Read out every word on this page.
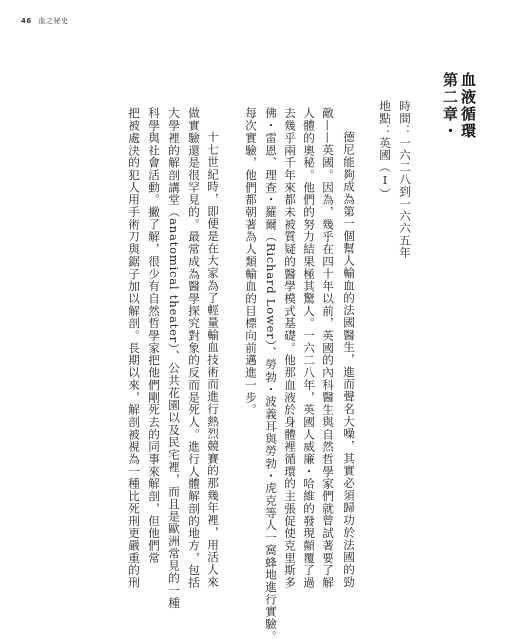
46 血之祕史
第二章・ 血液循環
時間：一六二八到一六六五年
地點：英國（Ⅰ）
德尼能夠成為第一個幫人輸血的法國醫生，進而聲名大噪，其實必須歸功於法國的勁
敵——英國。因為，幾乎在四十年以前，英國的內科醫生與自然哲學家們就曾試著要了解
人體的奧秘。他們的努力結果極其驚人。一六二八年，英國人威廉・哈維的發現顛覆了過
去幾乎兩千年來都未被質疑的醫學模式基礎。他那血液於身體裡循環的主張促使克里斯多
佛・雷恩、理查・羅爾（Richard Lower）、勞勃・波義耳與勞勃・虎克等人一窩蜂地進行實驗。
每次實驗，他們都朝著為人類輸血的目標向前邁進一步。
十七世紀時，即便是在大家為了輕量輸血技術而進行熱烈競賽的那幾年裡，用活人來
做實驗還是很罕見的。最常成為醫學探究對象的反而是死人。進行人體解剖的地方，包括
大學裡的解剖講堂（anatomical theater）、公共花園以及民宅裡，而且是歐洲常見的一種
科學與社會活動。撇了解，很少有自然哲學家把他們剛死去的同事來解剖，但他們常
把被處決的犯人用手術刀與鋸子加以解剖。長期以來，解剖被視為一種比死刑更嚴重的刑
